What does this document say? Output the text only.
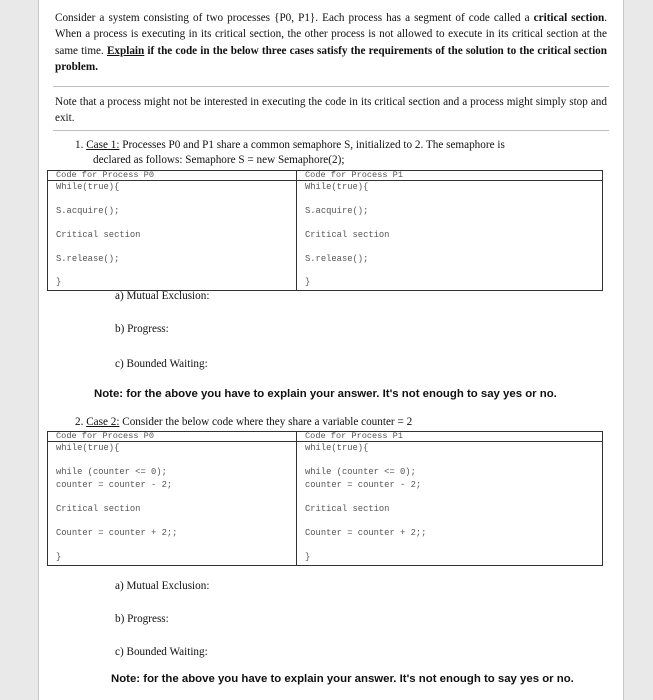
Consider a system consisting of two processes {P0, P1}. Each process has a segment of code called a critical section. When a process is executing in its critical section, the other process is not allowed to execute in its critical section at the same time. Explain if the code in the below three cases satisfy the requirements of the solution to the critical section problem.

Note that a process might not be interested in executing the code in its critical section and a process might simply stop and exit.

1. Case 1: Processes P0 and P1 share a common semaphore S, initialized to 2. The semaphore is
declared as follows: Semaphore S = new Semaphore(2);
Code for Process P0
While(true){
S.acquire();
Critical section
S.release();
}
Code for Process P1
While(true){
S.acquire();
Critical section
S.release();
}
a) Mutual Exclusion:
b) Progress:
c) Bounded Waiting:
Note: for the above you have to explain your answer. It's not enough to say yes or no.
2. Case 2: Consider the below code where they share a variable counter = 2
Code for Process P0
while(true){
while (counter <= 0);
counter = counter - 2;
Critical section
Counter = counter + 2;;
}
Code for Process P1
while(true){
while (counter <= 0);
counter = counter - 2;
Critical section
Counter = counter + 2;;
}
a) Mutual Exclusion:
b) Progress:
c) Bounded Waiting:
Note: for the above you have to explain your answer. It's not enough to say yes or no.
